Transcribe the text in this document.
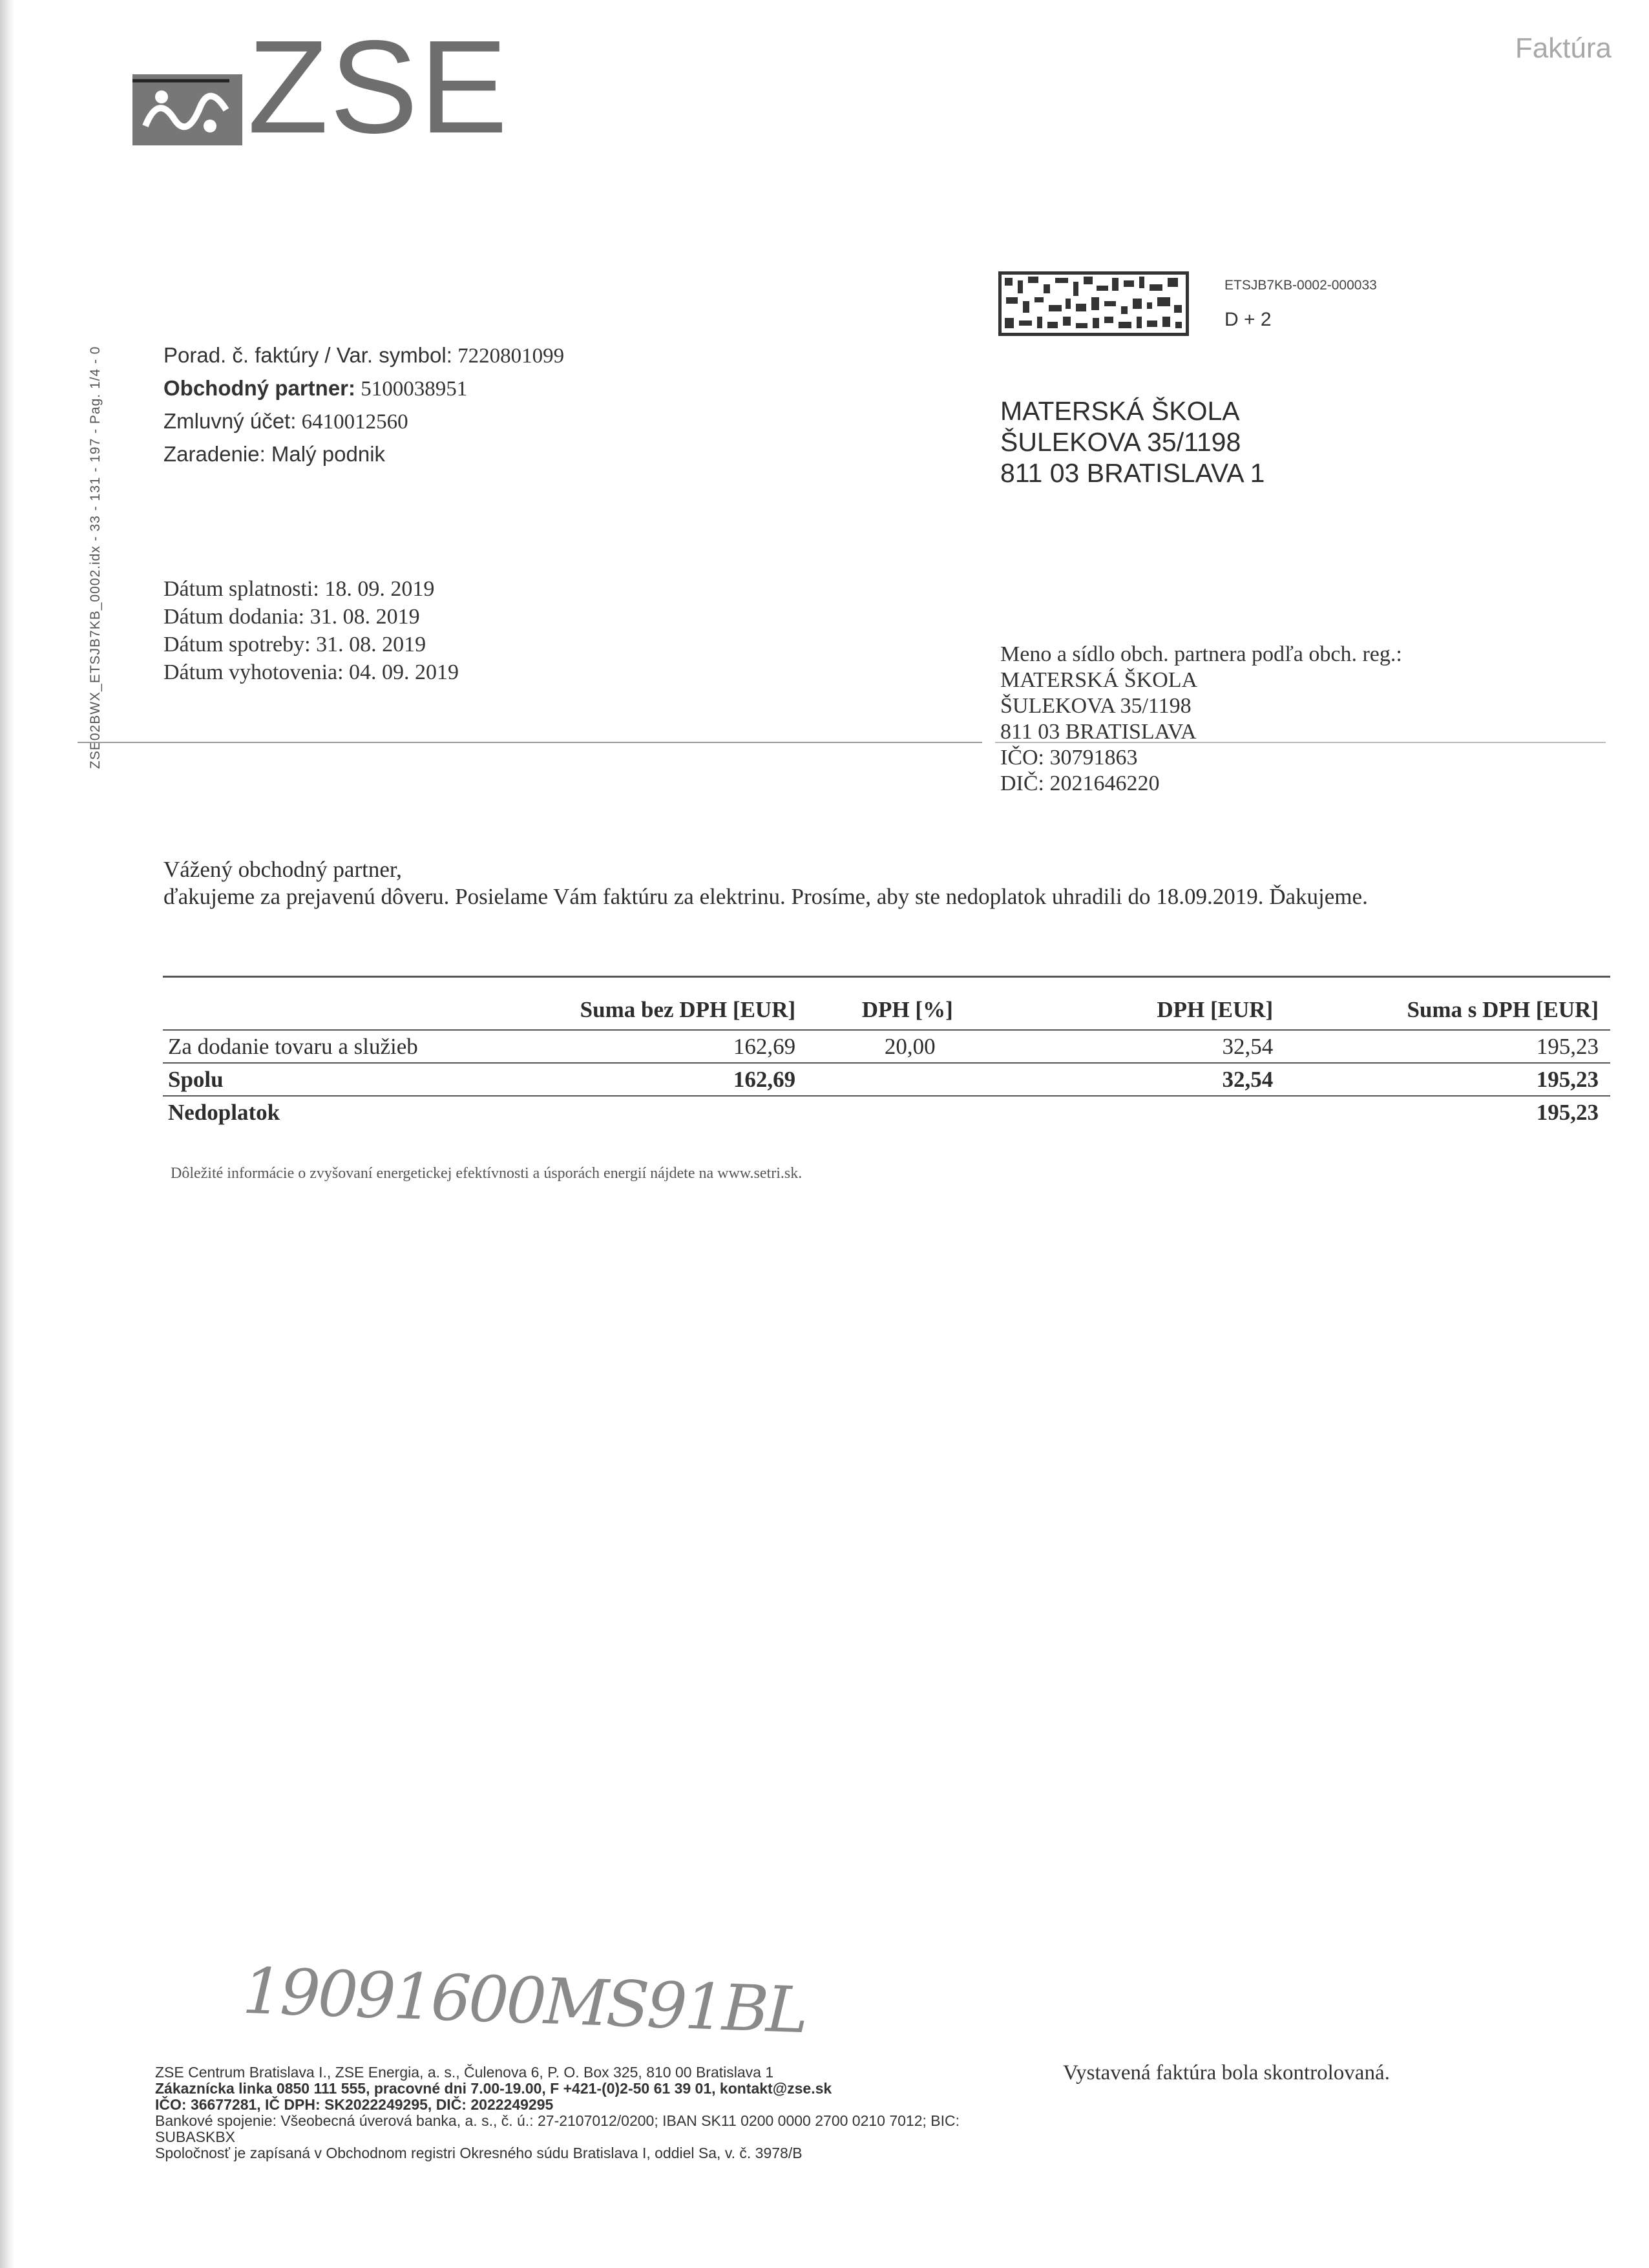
ZSE	Faktúra
ZSE02BWX_ETSJB7KB_0002.idx - 33 - 131 - 197 - Pag. 1/4 - 0	Porad. č. faktúry / Var. symbol: 7220801099
Obchodný partner: 5100038951
Zmluvný účet: 6410012560
Zaradenie: Malý podnik
Dátum splatnosti: 18. 09. 2019
Dátum dodania: 31. 08. 2019
Dátum spotreby: 31. 08. 2019
Dátum vyhotovenia: 04. 09. 2019
ETSJB7KB-0002-000033
D + 2
MATERSKÁ ŠKOLA
ŠULEKOVA 35/1198
811 03 BRATISLAVA 1
Meno a sídlo obch. partnera podľa obch. reg.:
MATERSKÁ ŠKOLA
ŠULEKOVA 35/1198
811 03 BRATISLAVA
IČO: 30791863
DIČ: 2021646220
Vážený obchodný partner,
ďakujeme za prejavenú dôveru. Posielame Vám faktúru za elektrinu. Prosíme, aby ste nedoplatok uhradili do 18.09.2019. Ďakujeme.
	Suma bez DPH [EUR]	DPH [%]	DPH [EUR]	Suma s DPH [EUR]
Za dodanie tovaru a služieb	162,69	20,00	32,54	195,23
Spolu	162,69		32,54	195,23
Nedoplatok				195,23
Dôležité informácie o zvyšovaní energetickej efektívnosti a úsporách energií nájdete na www.setri.sk.
19091600MS91BL
ZSE Centrum Bratislava I., ZSE Energia, a. s., Čulenova 6, P. O. Box 325, 810 00 Bratislava 1
Zákaznícka linka 0850 111 555, pracovné dni 7.00-19.00, F +421-(0)2-50 61 39 01, kontakt@zse.sk
IČO: 36677281, IČ DPH: SK2022249295, DIČ: 2022249295
Bankové spojenie: Všeobecná úverová banka, a. s., č. ú.: 27-2107012/0200; IBAN SK11 0200 0000 2700 0210 7012; BIC:
SUBASKBX
Spoločnosť je zapísaná v Obchodnom registri Okresného súdu Bratislava I, oddiel Sa, v. č. 3978/B
Vystavená faktúra bola skontrolovaná.
